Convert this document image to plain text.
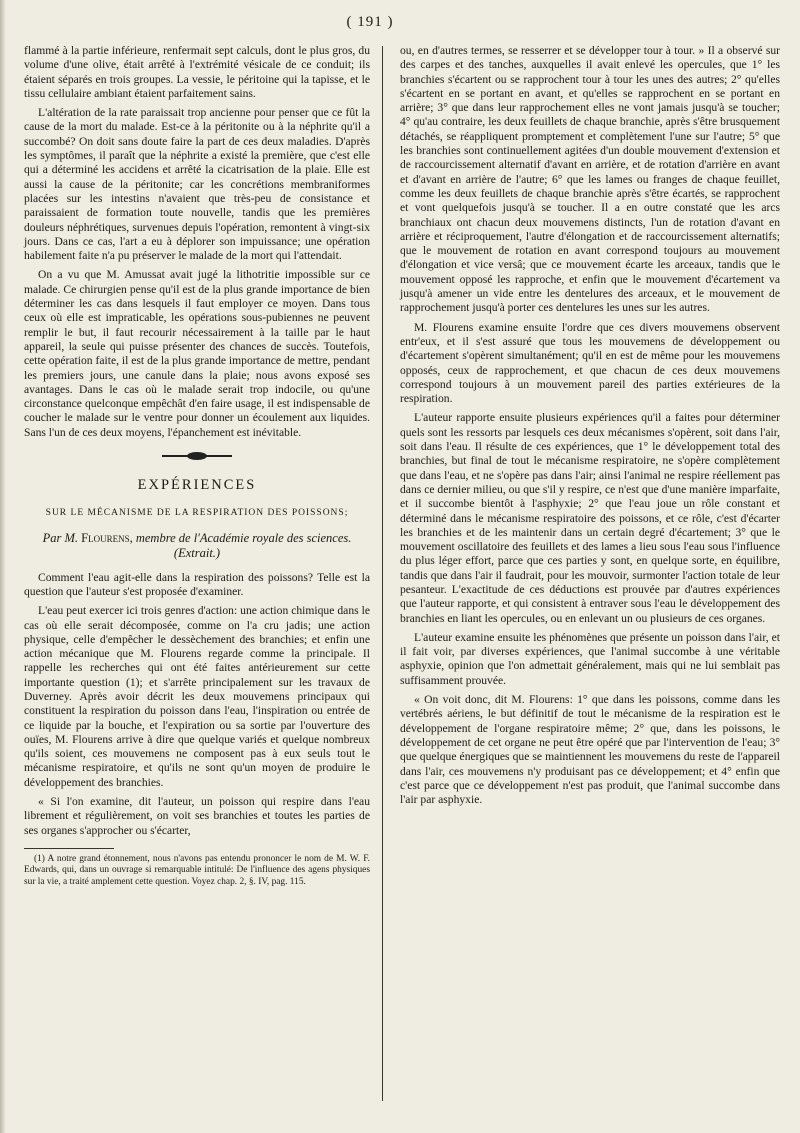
( 191 )

flammé à la partie inférieure, renfermait sept calculs, dont le plus gros, du volume d'une olive, était arrêté à l'extrémité vésicale de ce conduit; ils étaient séparés en trois groupes. La vessie, le péritoine qui la tapisse, et le tissu cellulaire ambiant étaient parfaitement sains.

L'altération de la rate paraissait trop ancienne pour penser que ce fût la cause de la mort du malade. Est-ce à la péritonite ou à la néphrite qu'il a succombé? On doit sans doute faire la part de ces deux maladies. D'après les symptômes, il paraît que la néphrite a existé la première, que c'est elle qui a déterminé les accidens et arrêté la cicatrisation de la plaie. Elle est aussi la cause de la péritonite; car les concrétions membraniformes placées sur les intestins n'avaient que très-peu de consistance et paraissaient de formation toute nouvelle, tandis que les premières douleurs néphrétiques, survenues depuis l'opération, remontent à vingt-six jours. Dans ce cas, l'art a eu à déplorer son impuissance; une opération habilement faite n'a pu préserver le malade de la mort qui l'attendait.

On a vu que M. Amussat avait jugé la lithotritie impossible sur ce malade. Ce chirurgien pense qu'il est de la plus grande importance de bien déterminer les cas dans lesquels il faut employer ce moyen. Dans tous ceux où elle est impraticable, les opérations sous-pubiennes ne peuvent remplir le but, il faut recourir nécessairement à la taille par le haut appareil, la seule qui puisse présenter des chances de succès. Toutefois, cette opération faite, il est de la plus grande importance de mettre, pendant les premiers jours, une canule dans la plaie; nous avons exposé ses avantages. Dans le cas où le malade serait trop indocile, ou qu'une circonstance quelconque empêchât d'en faire usage, il est indispensable de coucher le malade sur le ventre pour donner un écoulement aux liquides. Sans l'un de ces deux moyens, l'épanchement est inévitable.

EXPÉRIENCES
SUR LE MÉCANISME DE LA RESPIRATION DES POISSONS;
Par M. Flourens, membre de l'Académie royale des sciences. (Extrait.)

Comment l'eau agit-elle dans la respiration des poissons? Telle est la question que l'auteur s'est proposée d'examiner.

L'eau peut exercer ici trois genres d'action: une action chimique dans le cas où elle serait décomposée, comme on l'a cru jadis; une action physique, celle d'empêcher le dessèchement des branchies; et enfin une action mécanique que M. Flourens regarde comme la principale. Il rappelle les recherches qui ont été faites antérieurement sur cette importante question (1); et s'arrête principalement sur les travaux de Duverney. Après avoir décrit les deux mouvemens principaux qui constituent la respiration du poisson dans l'eau, l'inspiration ou entrée de ce liquide par la bouche, et l'expiration ou sa sortie par l'ouverture des ouïes, M. Flourens arrive à dire que quelque variés et quelque nombreux qu'ils soient, ces mouvemens ne composent pas à eux seuls tout le mécanisme respiratoire, et qu'ils ne sont qu'un moyen de produire le développement des branchies.

« Si l'on examine, dit l'auteur, un poisson qui respire dans l'eau librement et régulièrement, on voit ses branchies et toutes les parties de ses organes s'approcher ou s'écarter,

(1) A notre grand étonnement, nous n'avons pas entendu prononcer le nom de M. W. F. Edwards, qui, dans un ouvrage si remarquable intitulé: De l'influence des agens physiques sur la vie, a traité amplement cette question. Voyez chap. 2, §. IV, pag. 115.

ou, en d'autres termes, se resserrer et se développer tour à tour. » Il a observé sur des carpes et des tanches, auxquelles il avait enlevé les opercules, que 1° les branchies s'écartent ou se rapprochent tour à tour les unes des autres; 2° qu'elles s'écartent en se portant en avant, et qu'elles se rapprochent en se portant en arrière; 3° que dans leur rapprochement elles ne vont jamais jusqu'à se toucher; 4° qu'au contraire, les deux feuillets de chaque branchie, après s'être brusquement détachés, se réappliquent promptement et complètement l'une sur l'autre; 5° que les branchies sont continuellement agitées d'un double mouvement d'extension et de raccourcissement alternatif d'avant en arrière, et de rotation d'arrière en avant et d'avant en arrière de l'autre; 6° que les lames ou franges de chaque feuillet, comme les deux feuillets de chaque branchie après s'être écartés, se rapprochent et vont quelquefois jusqu'à se toucher. Il a en outre constaté que les arcs branchiaux ont chacun deux mouvemens distincts, l'un de rotation d'avant en arrière et réciproquement, l'autre d'élongation et de raccourcissement alternatifs; que le mouvement de rotation en avant correspond toujours au mouvement d'élongation et vice versâ; que ce mouvement écarte les arceaux, tandis que le mouvement opposé les rapproche, et enfin que le mouvement d'écartement va jusqu'à amener un vide entre les dentelures des arceaux, et le mouvement de rapprochement jusqu'à porter ces dentelures les unes sur les autres.

M. Flourens examine ensuite l'ordre que ces divers mouvemens observent entr'eux, et il s'est assuré que tous les mouvemens de développement ou d'écartement s'opèrent simultanément; qu'il en est de même pour les mouvemens opposés, ceux de rapprochement, et que chacun de ces deux mouvemens correspond toujours à un mouvement pareil des parties extérieures de la respiration.

L'auteur rapporte ensuite plusieurs expériences qu'il a faites pour déterminer quels sont les ressorts par lesquels ces deux mécanismes s'opèrent, soit dans l'air, soit dans l'eau. Il résulte de ces expériences, que 1° le développement total des branchies, but final de tout le mécanisme respiratoire, ne s'opère complètement que dans l'eau, et ne s'opère pas dans l'air; ainsi l'animal ne respire réellement pas dans ce dernier milieu, ou que s'il y respire, ce n'est que d'une manière imparfaite, et il succombe bientôt à l'asphyxie; 2° que l'eau joue un rôle constant et déterminé dans le mécanisme respiratoire des poissons, et ce rôle, c'est d'écarter les branchies et de les maintenir dans un certain degré d'écartement; 3° que le mouvement oscillatoire des feuillets et des lames a lieu sous l'eau sous l'influence du plus léger effort, parce que ces parties y sont, en quelque sorte, en équilibre, tandis que dans l'air il faudrait, pour les mouvoir, surmonter l'action totale de leur pesanteur. L'exactitude de ces déductions est prouvée par d'autres expériences que l'auteur rapporte, et qui consistent à entraver sous l'eau le développement des branchies en liant les opercules, ou en enlevant un ou plusieurs de ces organes.

L'auteur examine ensuite les phénomènes que présente un poisson dans l'air, et il fait voir, par diverses expériences, que l'animal succombe à une véritable asphyxie, opinion que l'on admettait généralement, mais qui ne lui semblait pas suffisamment prouvée.

« On voit donc, dit M. Flourens: 1° que dans les poissons, comme dans les vertébrés aériens, le but définitif de tout le mécanisme de la respiration est le développement de l'organe respiratoire même; 2° que, dans les poissons, le développement de cet organe ne peut être opéré que par l'intervention de l'eau; 3° que quelque énergiques que se maintiennent les mouvemens du reste de l'appareil dans l'air, ces mouvemens n'y produisant pas ce développement; et 4° enfin que c'est parce que ce développement n'est pas produit, que l'animal succombe dans l'air par asphyxie.
